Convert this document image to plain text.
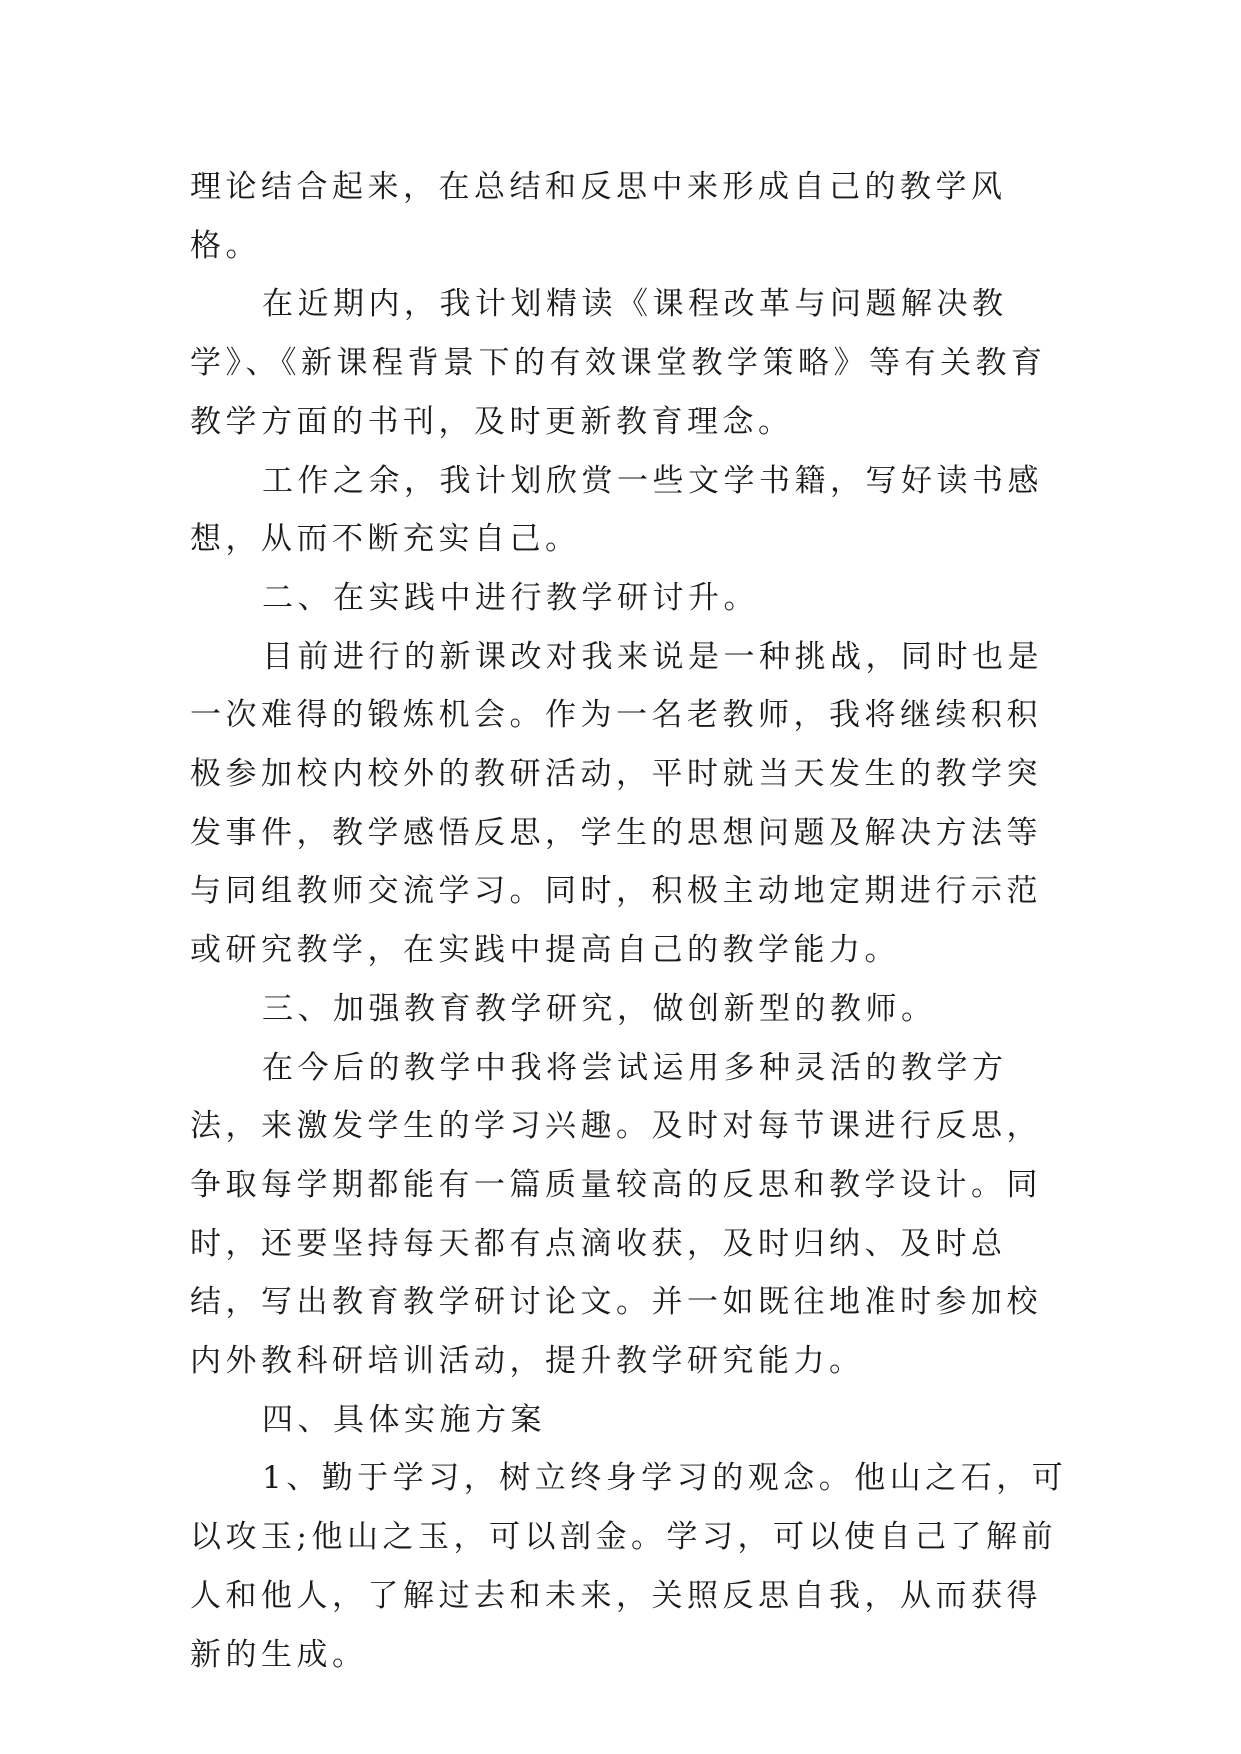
理论结合起来，在总结和反思中来形成自己的教学风格。

在近期内，我计划精读《课程改革与问题解决教学》、《新课程背景下的有效课堂教学策略》等有关教育教学方面的书刊，及时更新教育理念。

工作之余，我计划欣赏一些文学书籍，写好读书感想，从而不断充实自己。

二、在实践中进行教学研讨升。

目前进行的新课改对我来说是一种挑战，同时也是一次难得的锻炼机会。作为一名老教师，我将继续积积极参加校内校外的教研活动，平时就当天发生的教学突发事件，教学感悟反思，学生的思想问题及解决方法等与同组教师交流学习。同时，积极主动地定期进行示范或研究教学，在实践中提高自己的教学能力。

三、加强教育教学研究，做创新型的教师。

在今后的教学中我将尝试运用多种灵活的教学方法，来激发学生的学习兴趣。及时对每节课进行反思，争取每学期都能有一篇质量较高的反思和教学设计。同时，还要坚持每天都有点滴收获，及时归纳、及时总结，写出教育教学研讨论文。并一如既往地准时参加校内外教科研培训活动，提升教学研究能力。

四、具体实施方案

1、勤于学习，树立终身学习的观念。他山之石，可以攻玉;他山之玉，可以剖金。学习，可以使自己了解前人和他人，了解过去和未来，关照反思自我，从而获得新的生成。
